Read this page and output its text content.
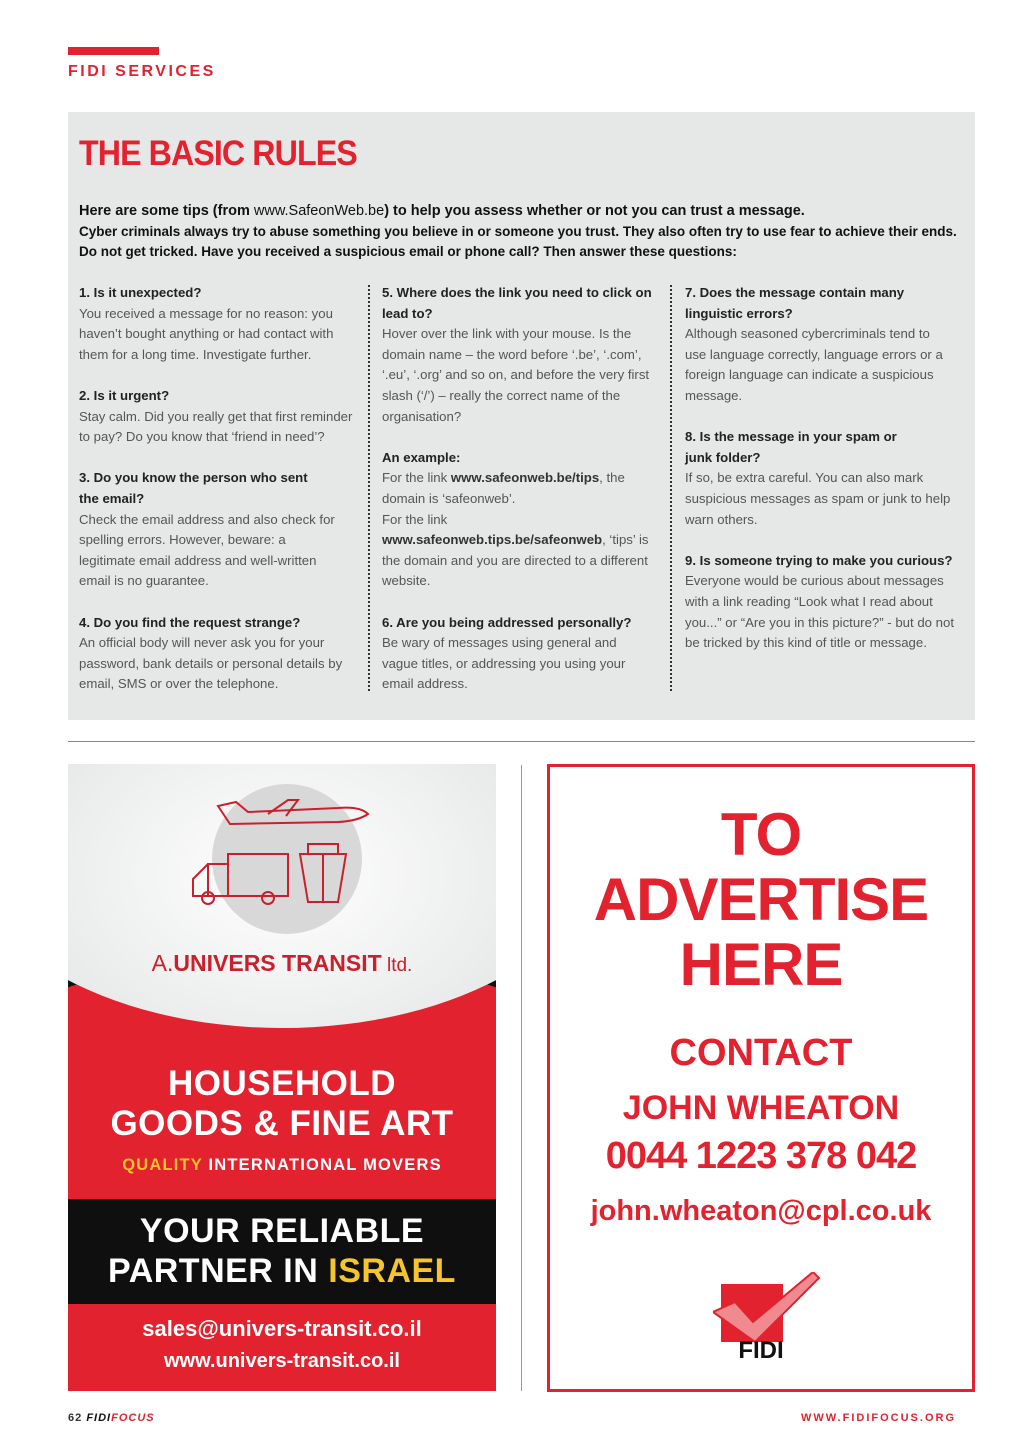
FIDI SERVICES
THE BASIC RULES
Here are some tips (from www.SafeonWeb.be) to help you assess whether or not you can trust a message.
Cyber criminals always try to abuse something you believe in or someone you trust. They also often try to use fear to achieve their ends. Do not get tricked. Have you received a suspicious email or phone call? Then answer these questions:
1. Is it unexpected?
You received a message for no reason: you haven’t bought anything or had contact with them for a long time. Investigate further.
2. Is it urgent?
Stay calm. Did you really get that first reminder to pay? Do you know that ‘friend in need’?
3. Do you know the person who sent the email?
Check the email address and also check for spelling errors. However, beware: a legitimate email address and well-written email is no guarantee.
4. Do you find the request strange?
An official body will never ask you for your password, bank details or personal details by email, SMS or over the telephone.
5. Where does the link you need to click on lead to?
Hover over the link with your mouse. Is the domain name – the word before ‘.be’, ‘.com’, ‘.eu’, ‘.org’ and so on, and before the very first slash (‘/’) – really the correct name of the organisation?
An example:
For the link www.safeonweb.be/tips, the domain is ‘safeonweb’.
For the link www.safeonweb.tips.be/safeonweb, ‘tips’ is the domain and you are directed to a different website.
6. Are you being addressed personally?
Be wary of messages using general and vague titles, or addressing you using your email address.
7. Does the message contain many linguistic errors?
Although seasoned cybercriminals tend to use language correctly, language errors or a foreign language can indicate a suspicious message.
8. Is the message in your spam or junk folder?
If so, be extra careful. You can also mark suspicious messages as spam or junk to help warn others.
9. Is someone trying to make you curious?
Everyone would be curious about messages with a link reading “Look what I read about you...” or “Are you in this picture?” - but do not be tricked by this kind of title or message.
A.UNIVERS TRANSIT ltd.
HOUSEHOLD
GOODS & FINE ART
QUALITY INTERNATIONAL MOVERS
YOUR RELIABLE
PARTNER IN ISRAEL
sales@univers-transit.co.il
www.univers-transit.co.il
TO
ADVERTISE
HERE
CONTACT
JOHN WHEATON
0044 1223 378 042
john.wheaton@cpl.co.uk
FIDI
62 FIDIFOCUS	WWW.FIDIFOCUS.ORG
